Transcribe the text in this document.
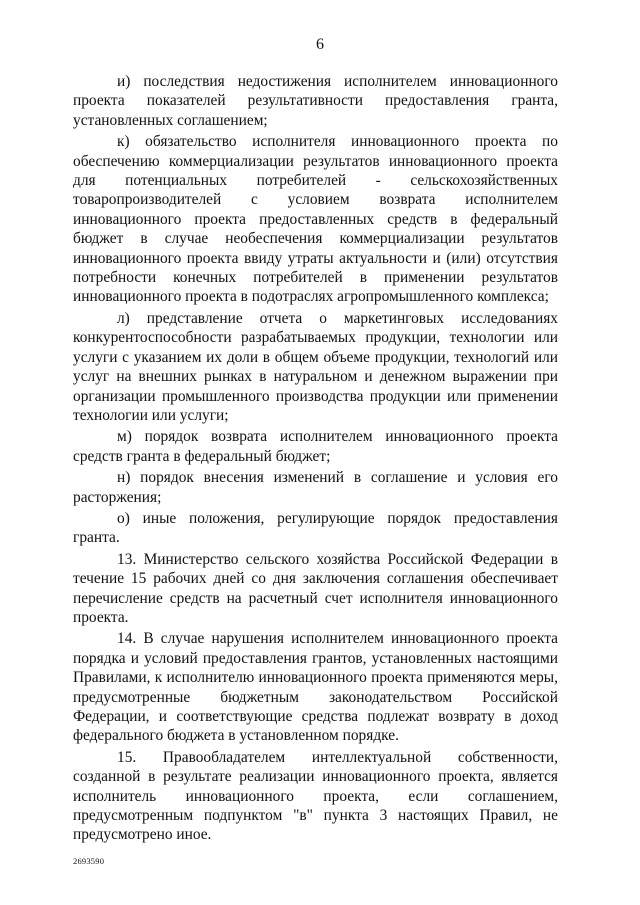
6

и) последствия недостижения исполнителем инновационного проекта показателей результативности предоставления гранта, установленных соглашением;

к) обязательство исполнителя инновационного проекта по обеспечению коммерциализации результатов инновационного проекта для потенциальных потребителей - сельскохозяйственных товаропроизводителей с условием возврата исполнителем инновационного проекта предоставленных средств в федеральный бюджет в случае необеспечения коммерциализации результатов инновационного проекта ввиду утраты актуальности и (или) отсутствия потребности конечных потребителей в применении результатов инновационного проекта в подотраслях агропромышленного комплекса;

л) представление отчета о маркетинговых исследованиях конкурентоспособности разрабатываемых продукции, технологии или услуги с указанием их доли в общем объеме продукции, технологий или услуг на внешних рынках в натуральном и денежном выражении при организации промышленного производства продукции или применении технологии или услуги;

м) порядок возврата исполнителем инновационного проекта средств гранта в федеральный бюджет;

н) порядок внесения изменений в соглашение и условия его расторжения;

о) иные положения, регулирующие порядок предоставления гранта.

13. Министерство сельского хозяйства Российской Федерации в течение 15 рабочих дней со дня заключения соглашения обеспечивает перечисление средств на расчетный счет исполнителя инновационного проекта.

14. В случае нарушения исполнителем инновационного проекта порядка и условий предоставления грантов, установленных настоящими Правилами, к исполнителю инновационного проекта применяются меры, предусмотренные бюджетным законодательством Российской Федерации, и соответствующие средства подлежат возврату в доход федерального бюджета в установленном порядке.

15. Правообладателем интеллектуальной собственности, созданной в результате реализации инновационного проекта, является исполнитель инновационного проекта, если соглашением, предусмотренным подпунктом "в" пункта 3 настоящих Правил, не предусмотрено иное.

2693590
